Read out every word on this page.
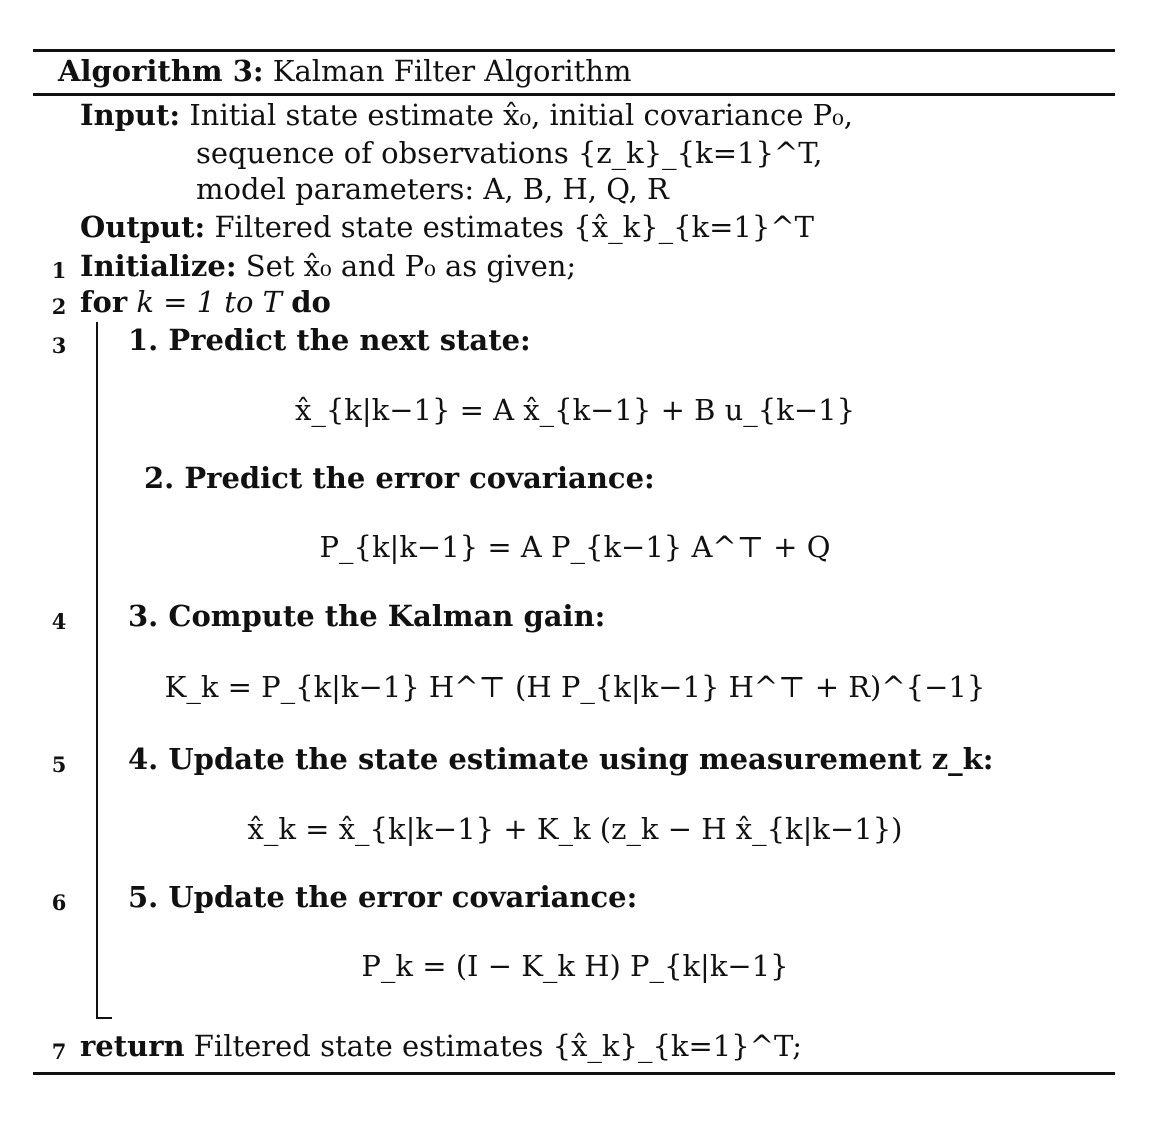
Algorithm 3: Kalman Filter Algorithm
Input: Initial state estimate x̂₀, initial covariance P₀,
sequence of observations {z_k}_{k=1}^T,
model parameters: A, B, H, Q, R
Output: Filtered state estimates {x̂_k}_{k=1}^T
1 Initialize: Set x̂₀ and P₀ as given;
2 for k = 1 to T do
3 1. Predict the next state:
x̂_{k|k−1} = A x̂_{k−1} + B u_{k−1}
2. Predict the error covariance:
P_{k|k−1} = A P_{k−1} A^⊤ + Q
4 3. Compute the Kalman gain:
K_k = P_{k|k−1} H^⊤ (H P_{k|k−1} H^⊤ + R)^{−1}
5 4. Update the state estimate using measurement z_k:
x̂_k = x̂_{k|k−1} + K_k (z_k − H x̂_{k|k−1})
6 5. Update the error covariance:
P_k = (I − K_k H) P_{k|k−1}
7 return Filtered state estimates {x̂_k}_{k=1}^T;
